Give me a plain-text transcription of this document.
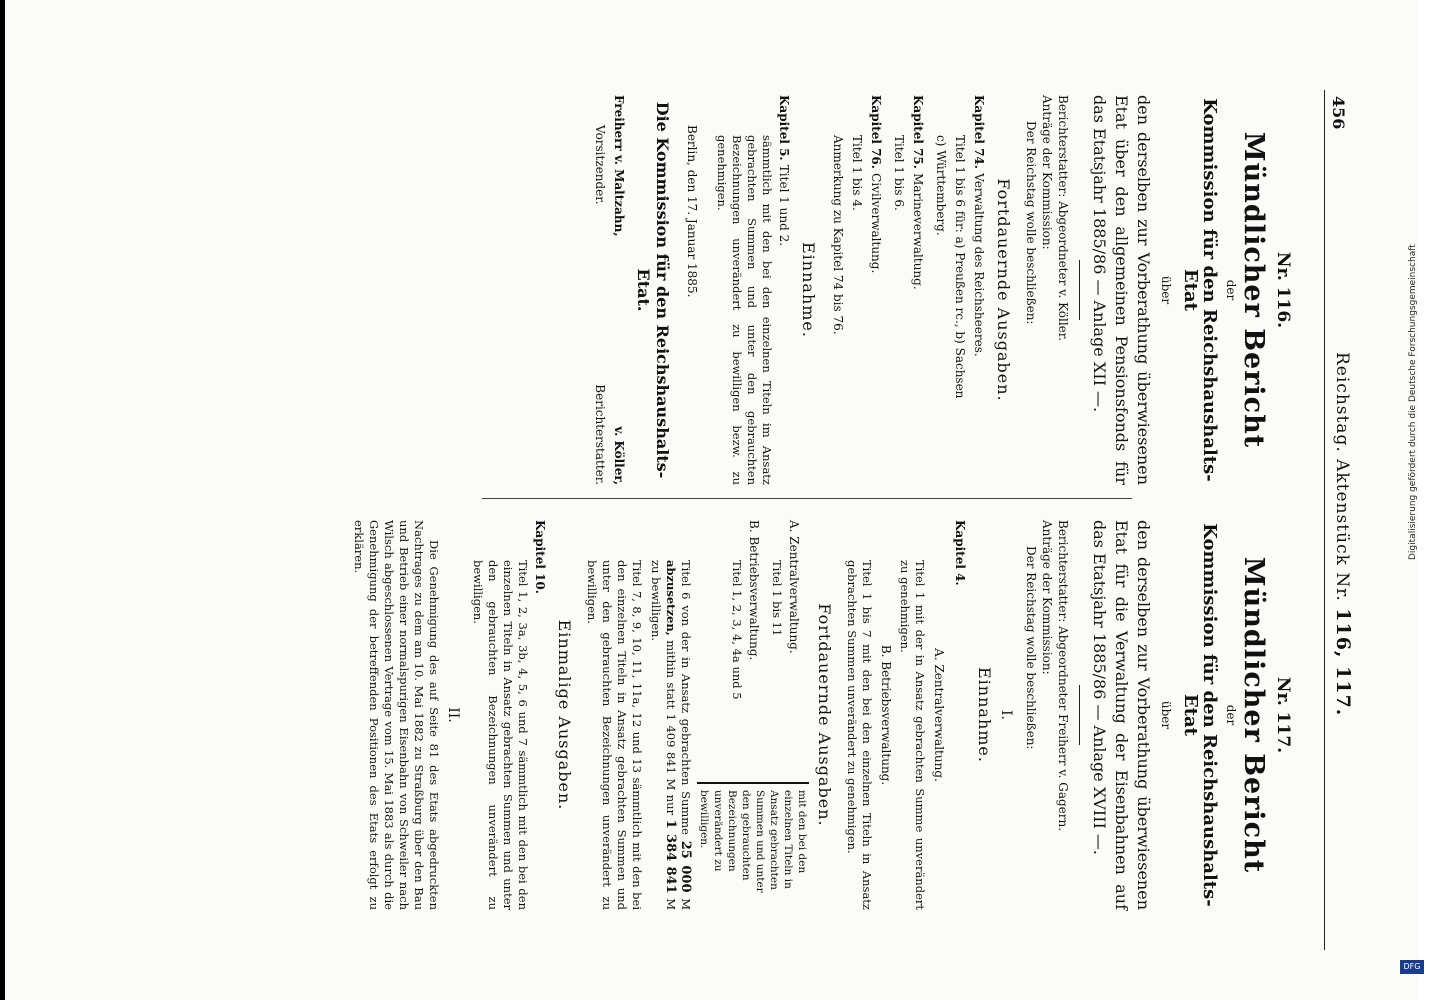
456
Reichstag. Aktenstück Nr. 116, 117.
Nr. 116.
Mündlicher Bericht
der
Kommission für den Reichshaushalts-Etat
über

den derselben zur Vorberathung überwiesenen Etat über den allgemeinen Pensionsfonds für das Etatsjahr 1885/86 — Anlage XII —.

Berichterstatter: Abgeordneter v. Köller.

Anträge der Kommission:

Der Reichstag wolle beschließen:

Fortdauernde Ausgaben.

Kapitel 74. Verwaltung des Reichsheeres.

Titel 1 bis 6 für: a) Preußen rc., b) Sachsen

c) Württemberg.

Kapitel 75. Marineverwaltung.

Titel 1 bis 6.

Kapitel 76. Civilverwaltung.

Titel 1 bis 4.

Anmerkung zu Kapitel 74 bis 76.

Einnahme.

Kapitel 5. Titel 1 und 2.

sämmtlich mit den bei den einzelnen Titeln im Ansatz gebrachten Summen und unter den gebrauchten Bezeichnungen unverändert zu bewilligen bezw. zu genehmigen.

Berlin, den 17. Januar 1885.

Die Kommission für den Reichshaushalts-Etat.
Freiherr v. Maltzahn,
Vorsitzender.
v. Köller,
Berichterstatter.
Nr. 117.
Mündlicher Bericht
der
Kommission für den Reichshaushalts-Etat
über

den derselben zur Vorberathung überwiesenen Etat für die Verwaltung der Eisenbahnen auf das Etatsjahr 1885/86 — Anlage XVIII —.

Berichterstatter: Abgeordneter Freiherr v. Gagern.

Anträge der Kommission:

Der Reichstag wolle beschließen:

I.
Einnahme.

Kapitel 4.

A. Zentralverwaltung.

Titel 1 mit der in Ansatz gebrachten Summe unverändert zu genehmigen.

B. Betriebsverwaltung.

Titel 1 bis 7 mit den bei den einzelnen Titeln in Ansatz gebrachten Summen unverändert zu genehmigen.

Fortdauernde Ausgaben.

A. Zentralverwaltung.

Titel 1 bis 11

B. Betriebsverwaltung.

Titel 1, 2, 3, 4, 4a und 5

mit den bei den einzelnen Titeln in Ansatz gebrachten Summen und unter den gebrauchten Bezeichnungen unverändert zu bewilligen.

Titel 6 von der in Ansatz gebrachten Summe 25 000 M abzusetzen, mithin statt 1 409 841 M nur 1 384 841 M zu bewilligen.

Titel 7, 8, 9, 10, 11, 11a, 12 und 13 sämmtlich mit den bei den einzelnen Titeln in Ansatz gebrachten Summen und unter den gebrauchten Bezeichnungen unverändert zu bewilligen.

Einmalige Ausgaben.

Kapitel 10.

Titel 1, 2, 3a, 3b, 4, 5, 6 und 7 sämmtlich mit den bei den einzelnen Titeln in Ansatz gebrachten Summen und unter den gebrauchten Bezeichnungen unverändert zu bewilligen.

II.

Die Genehmigung des auf Seite 81 des Etats abgedruckten Nachtrages zu dem am 10. Mai 1882 zu Straßburg über den Bau und Betrieb einer normalspurigen Eisenbahn von Schweiler nach Wilsch abgeschlossenen Vertrage vom 15. Mai 1883 als durch die Genehmigung der betreffenden Positionen des Etats erfolgt zu erklären.	Digitalisierung gefördert durch die Deutsche Forschungsgemeinschaft
DFG
